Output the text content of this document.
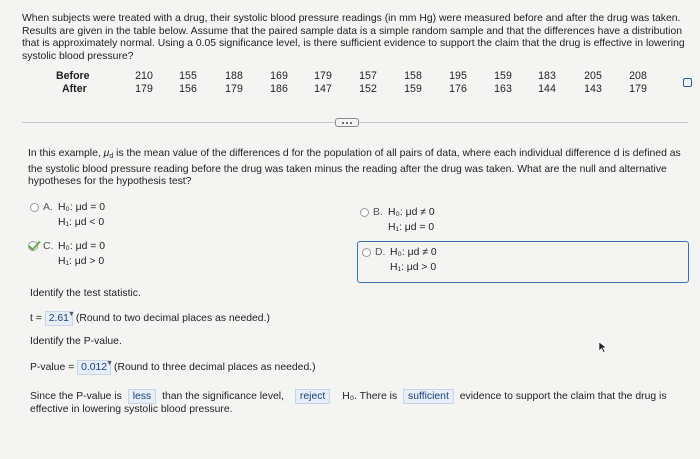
When subjects were treated with a drug, their systolic blood pressure readings (in mm Hg) were measured before and after the drug was taken. Results are given in the table below. Assume that the paired sample data is a simple random sample and that the differences have a distribution that is approximately normal. Using a 0.05 significance level, is there sufficient evidence to support the claim that the drug is effective in lowering systolic blood pressure?
Before	210	155	188	169	179	157	158	195	159	183	205	208
After	179	156	179	186	147	152	159	176	163	144	143	179
In this example, $\mu_d$ is the mean value of the differences d for the population of all pairs of data, where each individual difference d is defined as the systolic blood pressure reading before the drug was taken minus the reading after the drug was taken. What are the null and alternative hypotheses for the hypothesis test?
A. H₀: μd = 0
H₁: μd < 0
B. H₀: μd ≠ 0
H₁: μd = 0
C. H₀: μd = 0
H₁: μd > 0
D. H₀: μd ≠ 0
H₁: μd > 0
Identify the test statistic.
t = 2.61 ▼ (Round to two decimal places as needed.)
Identify the P-value.
P-value = 0.012 ▼ (Round to three decimal places as needed.)
Since the P-value is less than the significance level, reject H₀. There is sufficient evidence to support the claim that the drug is
effective in lowering systolic blood pressure.
